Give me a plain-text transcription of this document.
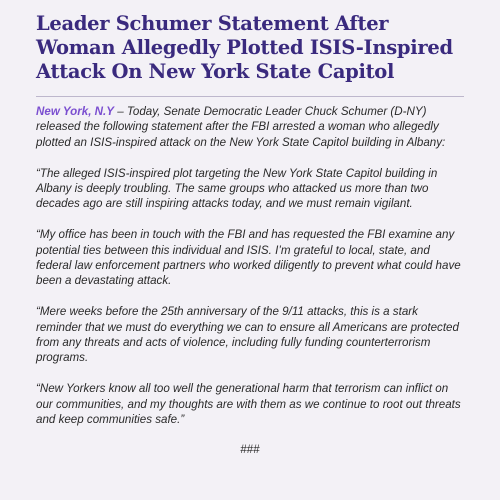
Leader Schumer Statement After Woman Allegedly Plotted ISIS-Inspired Attack On New York State Capitol

New York, N.Y – Today, Senate Democratic Leader Chuck Schumer (D-NY) released the following statement after the FBI arrested a woman who allegedly plotted an ISIS-inspired attack on the New York State Capitol building in Albany:

“The alleged ISIS-inspired plot targeting the New York State Capitol building in Albany is deeply troubling. The same groups who attacked us more than two decades ago are still inspiring attacks today, and we must remain vigilant.

“My office has been in touch with the FBI and has requested the FBI examine any potential ties between this individual and ISIS. I’m grateful to local, state, and federal law enforcement partners who worked diligently to prevent what could have been a devastating attack.

“Mere weeks before the 25th anniversary of the 9/11 attacks, this is a stark reminder that we must do everything we can to ensure all Americans are protected from any threats and acts of violence, including fully funding counterterrorism programs.

“New Yorkers know all too well the generational harm that terrorism can inflict on our communities, and my thoughts are with them as we continue to root out threats and keep communities safe.”

###
